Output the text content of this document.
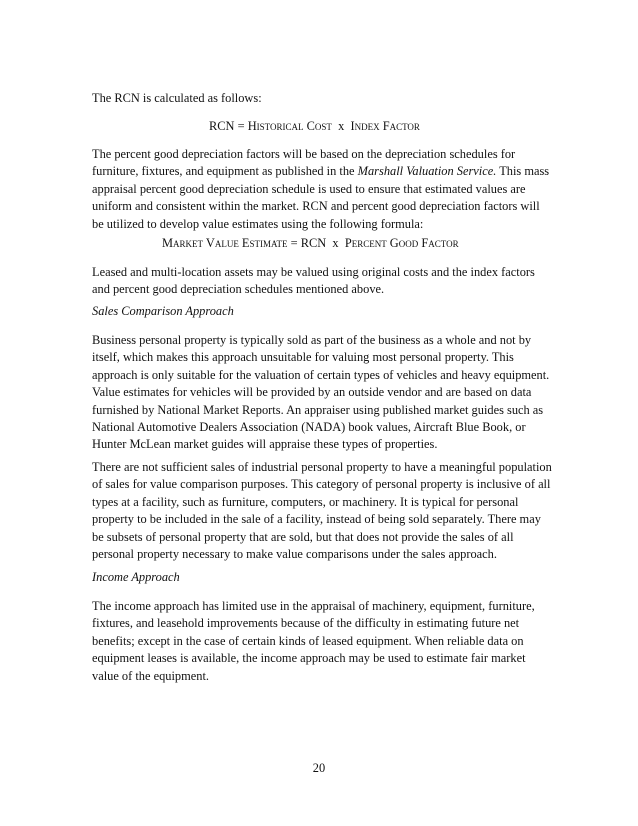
The RCN is calculated as follows:

RCN = Historical Cost x Index Factor

The percent good depreciation factors will be based on the depreciation schedules for furniture, fixtures, and equipment as published in the Marshall Valuation Service. This mass appraisal percent good depreciation schedule is used to ensure that estimated values are uniform and consistent within the market. RCN and percent good depreciation factors will be utilized to develop value estimates using the following formula:

Market Value Estimate = RCN x Percent Good Factor

Leased and multi-location assets may be valued using original costs and the index factors and percent good depreciation schedules mentioned above.

Sales Comparison Approach

Business personal property is typically sold as part of the business as a whole and not by itself, which makes this approach unsuitable for valuing most personal property. This approach is only suitable for the valuation of certain types of vehicles and heavy equipment. Value estimates for vehicles will be provided by an outside vendor and are based on data furnished by National Market Reports. An appraiser using published market guides such as National Automotive Dealers Association (NADA) book values, Aircraft Blue Book, or Hunter McLean market guides will appraise these types of properties.

There are not sufficient sales of industrial personal property to have a meaningful population of sales for value comparison purposes. This category of personal property is inclusive of all types at a facility, such as furniture, computers, or machinery. It is typical for personal property to be included in the sale of a facility, instead of being sold separately. There may be subsets of personal property that are sold, but that does not provide the sales of all personal property necessary to make value comparisons under the sales approach.

Income Approach

The income approach has limited use in the appraisal of machinery, equipment, furniture, fixtures, and leasehold improvements because of the difficulty in estimating future net benefits; except in the case of certain kinds of leased equipment. When reliable data on equipment leases is available, the income approach may be used to estimate fair market value of the equipment.

20
